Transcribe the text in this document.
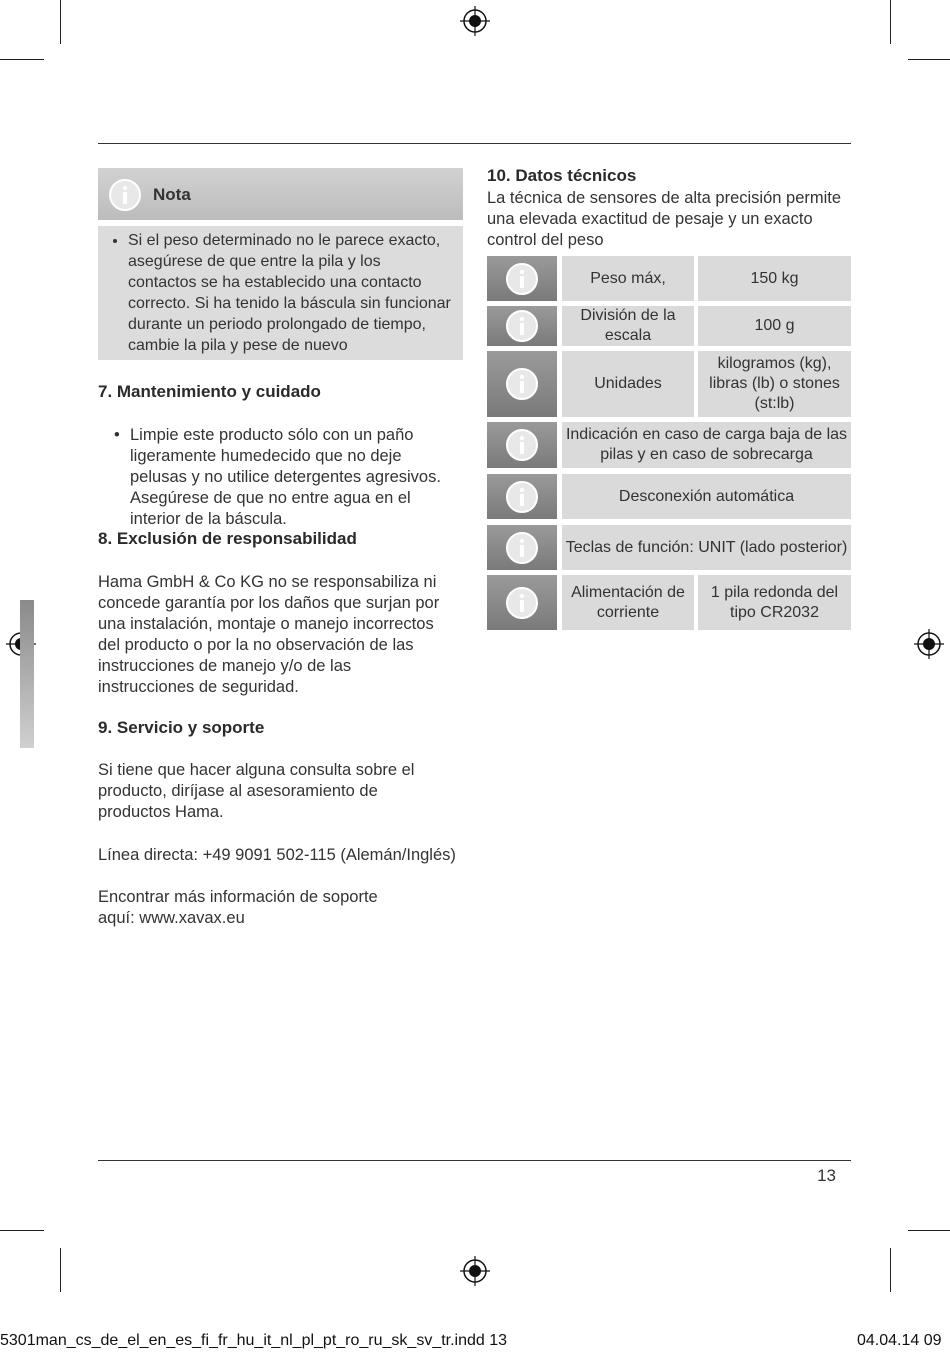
Nota
• Si el peso determinado no le parece exacto, asegúrese de que entre la pila y los contactos se ha establecido una contacto correcto. Si ha tenido la báscula sin funcionar durante un periodo prolongado de tiempo, cambie la pila y pese de nuevo
7. Mantenimiento y cuidado
• Limpie este producto sólo con un paño ligeramente humedecido que no deje pelusas y no utilice detergentes agresivos. Asegúrese de que no entre agua en el interior de la báscula.
8. Exclusión de responsabilidad

Hama GmbH & Co KG no se responsabiliza ni concede garantía por los daños que surjan por una instalación, montaje o manejo incorrectos del producto o por la no observación de las instrucciones de manejo y/o de las instrucciones de seguridad.

9. Servicio y soporte

Si tiene que hacer alguna consulta sobre el producto, diríjase al asesoramiento de productos Hama.

Línea directa: +49 9091 502-115 (Alemán/Inglés)

Encontrar más información de soporte aquí: www.xavax.eu

10. Datos técnicos

La técnica de sensores de alta precisión permite una elevada exactitud de pesaje y un exacto control del peso

Peso máx,	150 kg
División de la escala
100 g
Unidades
kilogramos (kg), libras (lb) o stones (st:lb)
Indicación en caso de carga baja de las pilas y en caso de sobrecarga
Desconexión automática
Teclas de función: UNIT (lado posterior)
Alimentación de corriente
1 pila redonda del tipo CR2032
13
5301man_cs_de_el_en_es_fi_fr_hu_it_nl_pl_pt_ro_ru_sk_sv_tr.indd 13	04.04.14 09
